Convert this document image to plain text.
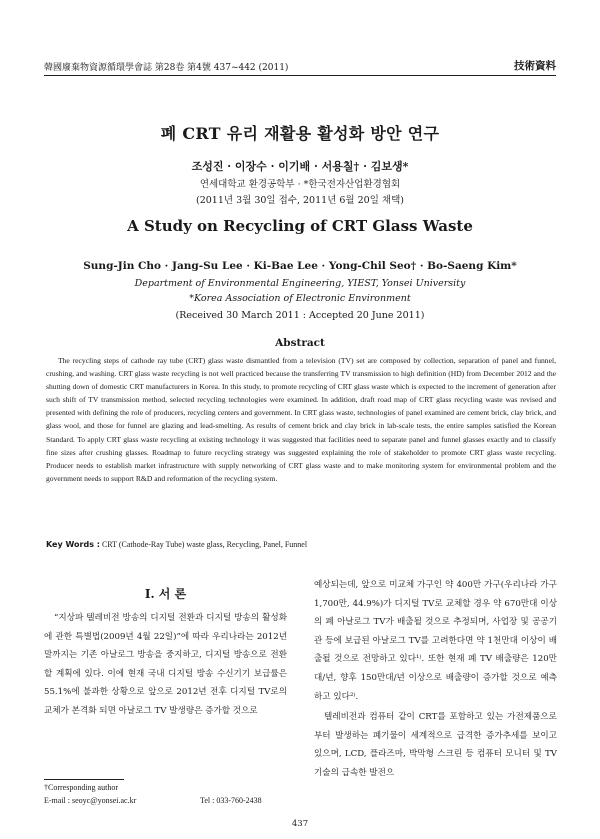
韓國廢棄物資源循環學會誌 第28卷 第4號 437~442 (2011)	技術資料
폐 CRT 유리 재활용 활성화 방안 연구
조성진 · 이장수 · 이기배 · 서용칠† · 김보생*
연세대학교 환경공학부 · *한국전자산업환경협회
(2011년 3월 30일 접수, 2011년 6월 20일 채택)
A Study on Recycling of CRT Glass Waste
Sung-Jin Cho · Jang-Su Lee · Ki-Bae Lee · Yong-Chil Seo† · Bo-Saeng Kim*
Department of Environmental Engineering, YIEST, Yonsei University
*Korea Association of Electronic Environment
(Received 30 March 2011 : Accepted 20 June 2011)
Abstract
The recycling steps of cathode ray tube (CRT) glass waste dismantled from a television (TV) set are composed by collection, separation of panel and funnel, crushing, and washing. CRT glass waste recycling is not well practiced because the transferring TV transmission to high definition (HD) from December 2012 and the shutting down of domestic CRT manufacturers in Korea. In this study, to promote recycling of CRT glass waste which is expected to the increment of generation after such shift of TV transmission method, selected recycling technologies were examined. In addition, draft road map of CRT glass recycling waste was revised and presented with defining the role of producers, recycling centers and government. In CRT glass waste, technologies of panel examined are cement brick, clay brick, and glass wool, and those for funnel are glazing and lead-smelting. As results of cement brick and clay brick in lab-scale tests, the entire samples satisfied the Korean Standard. To apply CRT glass waste recycling at existing technology it was suggested that facilities need to separate panel and funnel glasses exactly and to classify fine sizes after crushing glasses. Roadmap to future recycling strategy was suggested explaining the role of stakeholder to promote CRT glass waste recycling. Producer needs to establish market infrastructure with supply networking of CRT glass waste and to make monitoring system for environmental problem and the government needs to support R&D and reformation of the recycling system.
Key Words : CRT (Cathode-Ray Tube) waste glass, Recycling, Panel, Funnel
I. 서 론
“지상파 텔레비전 방송의 디지털 전환과 디지털 방송의 활성화에 관한 특별법(2009년 4월 22일)”에 따라 우리나라는 2012년 말까지는 기존 아날로그 방송을 중지하고, 디지털 방송으로 전환할 계획에 있다. 이에 현재 국내 디지털 방송 수신기기 보급률은 55.1%에 불과한 상황으로 앞으로 2012년 전후 디지털 TV로의 교체가 본격화 되면 아날로그 TV 발생량은 증가할 것으로
예상되는데, 앞으로 미교체 가구인 약 400만 가구(우리나라 가구 1,700만, 44.9%)가 디지털 TV로 교체할 경우 약 670만대 이상의 폐 아날로그 TV가 배출될 것으로 추정되며, 사업장 및 공공기관 등에 보급된 아날로그 TV를 고려한다면 약 1천만대 이상이 배출될 것으로 전망하고 있다¹⁾. 또한 현재 폐 TV 배출량은 120만대/년, 향후 150만대/년 이상으로 배출량이 증가할 것으로 예측하고 있다²⁾.
텔레비전과 컴퓨터 같이 CRT를 포함하고 있는 가전제품으로부터 발생하는 폐기물이 세계적으로 급격한 증가추세를 보이고 있으며, LCD, 플라즈마, 박막형 스크린 등 컴퓨터 모니터 및 TV 기술의 급속한 발전으
†Corresponding author
E-mail : seoyc@yonsei.ac.kr	Tel : 033-760-2438
437
